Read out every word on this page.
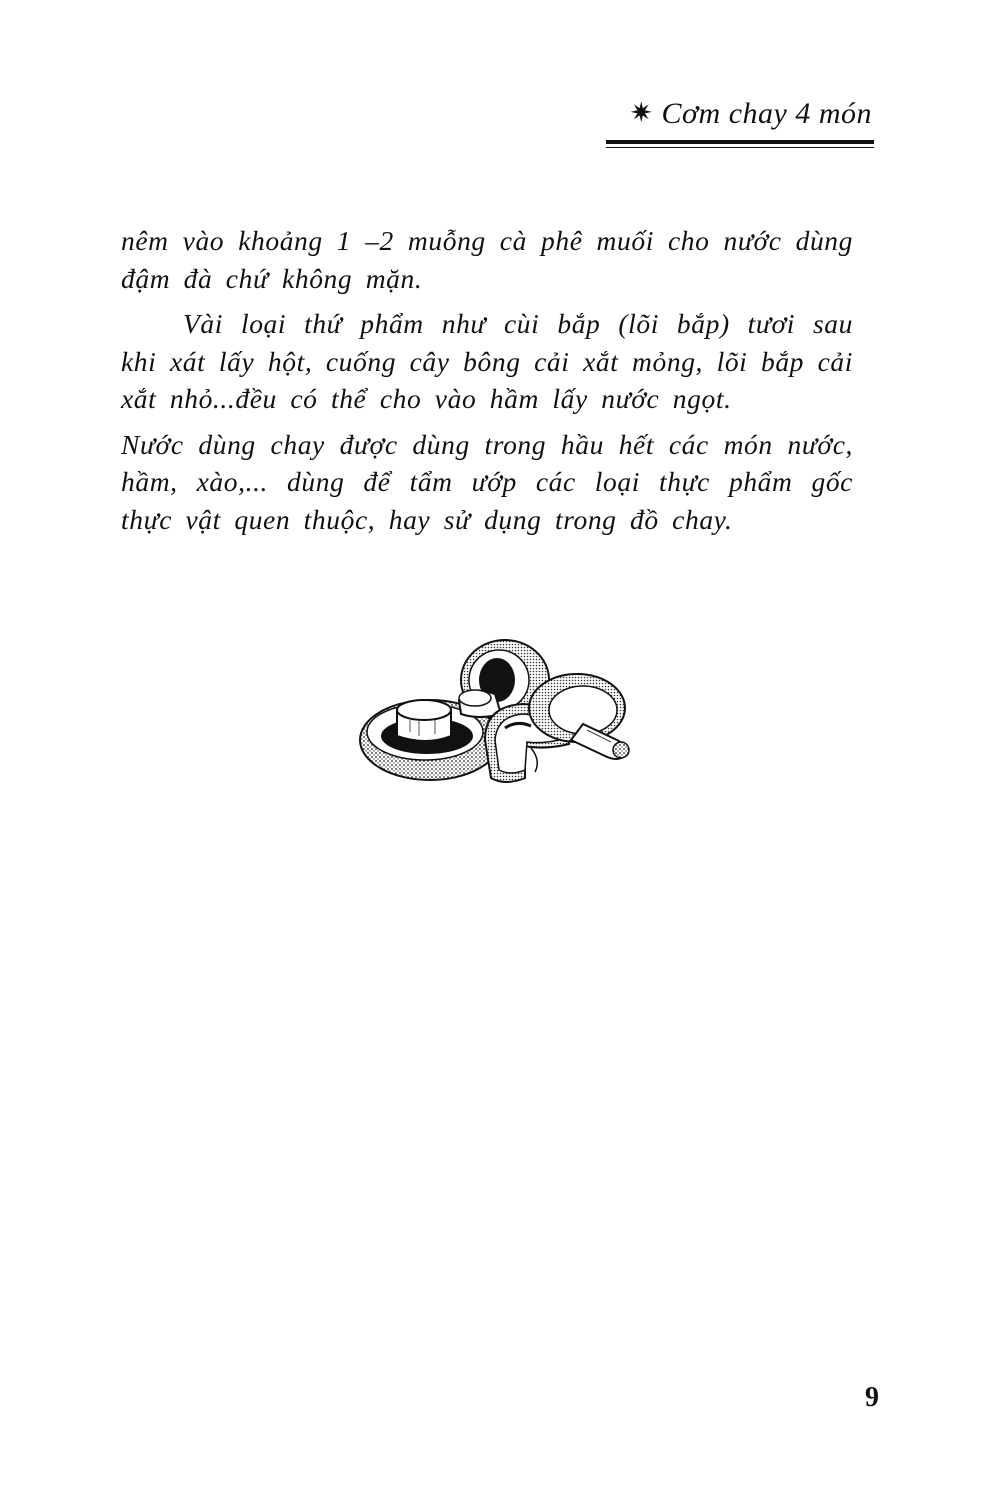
✷ Cơm chay 4 món

nêm vào khoảng 1 –2 muỗng cà phê muối cho nước dùng đậm đà chứ không mặn.

Vài loại thứ phẩm như cùi bắp (lõi bắp) tươi sau khi xát lấy hột, cuống cây bông cải xắt mỏng, lõi bắp cải xắt nhỏ...đều có thể cho vào hầm lấy nước ngọt.

Nước dùng chay được dùng trong hầu hết các món nước, hầm, xào,... dùng để tẩm ướp các loại thực phẩm gốc thực vật quen thuộc, hay sử dụng trong đồ chay.

9
